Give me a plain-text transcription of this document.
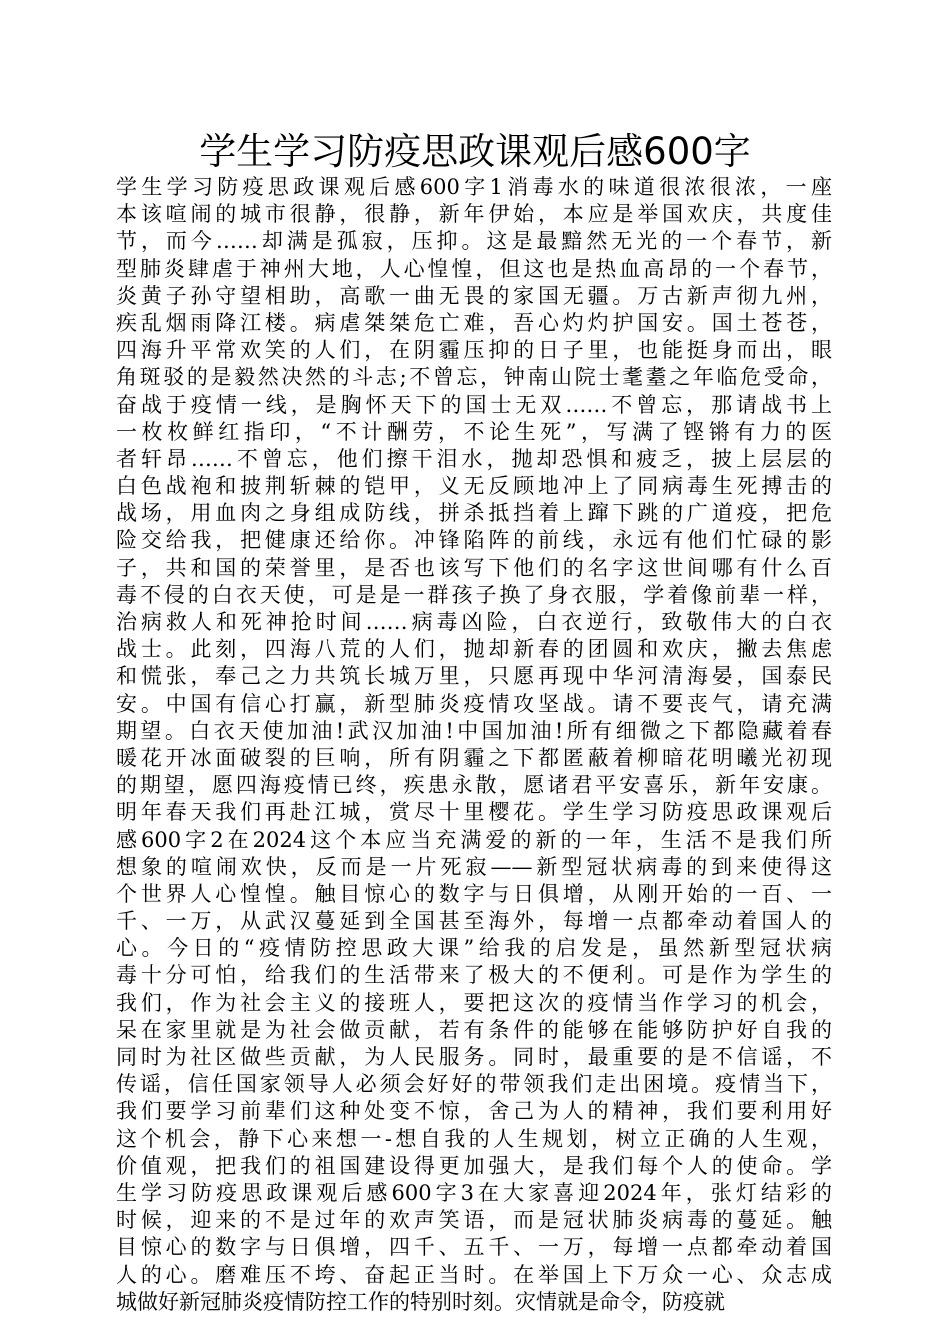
学生学习防疫思政课观后感600字
学生学习防疫思政课观后感600字1消毒水的味道很浓很浓，一座
本该喧闹的城市很静，很静，新年伊始，本应是举国欢庆，共度佳
节，而今……却满是孤寂，压抑。这是最黯然无光的一个春节，新
型肺炎肆虐于神州大地，人心惶惶，但这也是热血高昂的一个春节，
炎黄子孙守望相助，高歌一曲无畏的家国无疆。万古新声彻九州，
疾乱烟雨降江楼。病虐桀桀危亡难，吾心灼灼护国安。国土苍苍，
四海升平常欢笑的人们，在阴霾压抑的日子里，也能挺身而出，眼
角斑驳的是毅然决然的斗志;不曾忘，钟南山院士耄耋之年临危受命，
奋战于疫情一线，是胸怀天下的国士无双……不曾忘，那请战书上
一枚枚鲜红指印，“不计酬劳，不论生死”，写满了铿锵有力的医
者轩昂……不曾忘，他们擦干泪水，抛却恐惧和疲乏，披上层层的
白色战袍和披荆斩棘的铠甲，义无反顾地冲上了同病毒生死搏击的
战场，用血肉之身组成防线，拼杀抵挡着上蹿下跳的广道疫，把危
险交给我，把健康还给你。冲锋陷阵的前线，永远有他们忙碌的影
子，共和国的荣誉里，是否也该写下他们的名字这世间哪有什么百
毒不侵的白衣天使，可是是一群孩子换了身衣服，学着像前辈一样，
治病救人和死神抢时间……病毒凶险，白衣逆行，致敬伟大的白衣
战士。此刻，四海八荒的人们，抛却新春的团圆和欢庆，撇去焦虑
和慌张，奉己之力共筑长城万里，只愿再现中华河清海晏，国泰民
安。中国有信心打赢，新型肺炎疫情攻坚战。请不要丧气，请充满
期望。白衣天使加油!武汉加油!中国加油!所有细微之下都隐藏着春
暖花开冰面破裂的巨响，所有阴霾之下都匿蔽着柳暗花明曦光初现
的期望，愿四海疫情已终，疾患永散，愿诸君平安喜乐，新年安康。
明年春天我们再赴江城，赏尽十里樱花。学生学习防疫思政课观后
感600字2在2024这个本应当充满爱的新的一年，生活不是我们所
想象的喧闹欢快，反而是一片死寂——新型冠状病毒的到来使得这
个世界人心惶惶。触目惊心的数字与日俱增，从刚开始的一百、一
千、一万，从武汉蔓延到全国甚至海外，每增一点都牵动着国人的
心。今日的“疫情防控思政大课”给我的启发是，虽然新型冠状病
毒十分可怕，给我们的生活带来了极大的不便利。可是作为学生的
我们，作为社会主义的接班人，要把这次的疫情当作学习的机会，
呆在家里就是为社会做贡献，若有条件的能够在能够防护好自我的
同时为社区做些贡献，为人民服务。同时，最重要的是不信谣，不
传谣，信任国家领导人必须会好好的带领我们走出困境。疫情当下，
我们要学习前辈们这种处变不惊，舍己为人的精神，我们要利用好
这个机会，静下心来想一-想自我的人生规划，树立正确的人生观，
价值观，把我们的祖国建设得更加强大，是我们每个人的使命。学
生学习防疫思政课观后感600字3在大家喜迎2024年，张灯结彩的
时候，迎来的不是过年的欢声笑语，而是冠状肺炎病毒的蔓延。触
目惊心的数字与日俱增，四千、五千、一万，每增一点都牵动着国
人的心。磨难压不垮、奋起正当时。在举国上下万众一心、众志成
城做好新冠肺炎疫情防控工作的特别时刻。灾情就是命令，防疫就
